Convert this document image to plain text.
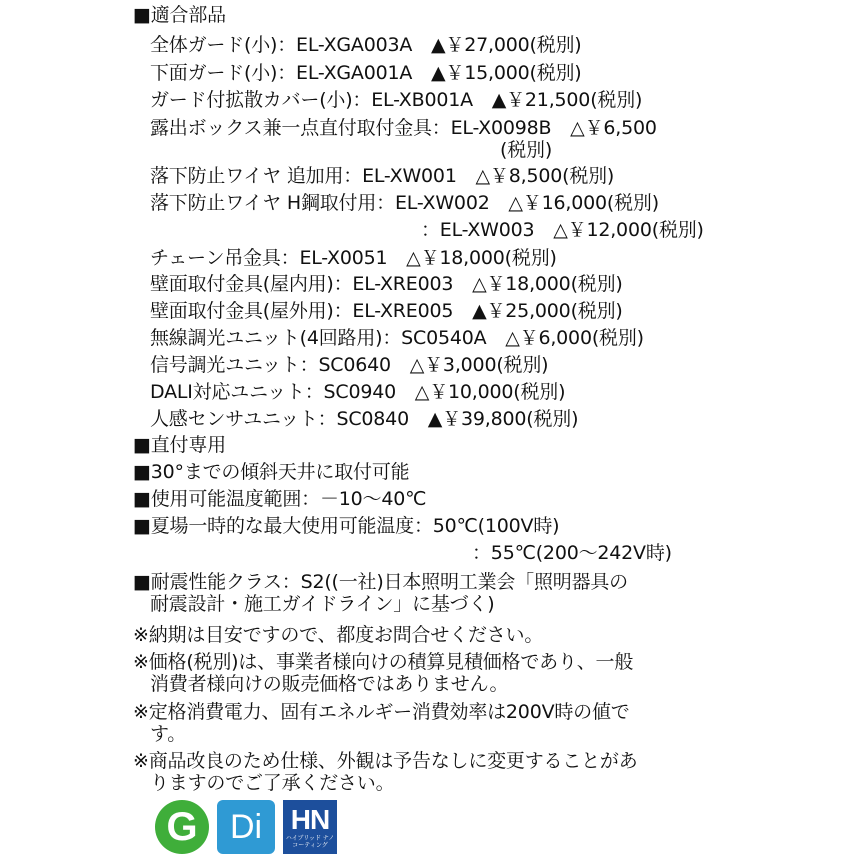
■適合部品
全体ガード(小)：EL-XGA003A　▲￥27,000(税別)
下面ガード(小)：EL-XGA001A　▲￥15,000(税別)
ガード付拡散カバー(小)：EL-XB001A　▲￥21,500(税別)
露出ボックス兼一点直付取付金具：EL-X0098B　△￥6,500
(税別)
落下防止ワイヤ 追加用：EL-XW001　△￥8,500(税別)
落下防止ワイヤ H鋼取付用：EL-XW002　△￥16,000(税別)
：EL-XW003　△￥12,000(税別)
チェーン吊金具：EL-X0051　△￥18,000(税別)
壁面取付金具(屋内用)：EL-XRE003　△￥18,000(税別)
壁面取付金具(屋外用)：EL-XRE005　▲￥25,000(税別)
無線調光ユニット(4回路用)：SC0540A　△￥6,000(税別)
信号調光ユニット：SC0640　△￥3,000(税別)
DALI対応ユニット：SC0940　△￥10,000(税別)
人感センサユニット：SC0840　▲￥39,800(税別)
■直付専用
■30°までの傾斜天井に取付可能
■使用可能温度範囲：－10～40℃
■夏場一時的な最大使用可能温度：50℃(100V時)
：55℃(200～242V時)
■耐震性能クラス：S2((一社)日本照明工業会「照明器具の
耐震設計・施工ガイドライン」に基づく)
※納期は目安ですので、都度お問合せください。
※価格(税別)は、事業者様向けの積算見積価格であり、一般
消費者様向けの販売価格ではありません。
※定格消費電力、固有エネルギー消費効率は200V時の値で
す。
※商品改良のため仕様、外観は予告なしに変更することがあ
りますのでご了承ください。
G Di HN
ハイブリッド ナノコーティング
